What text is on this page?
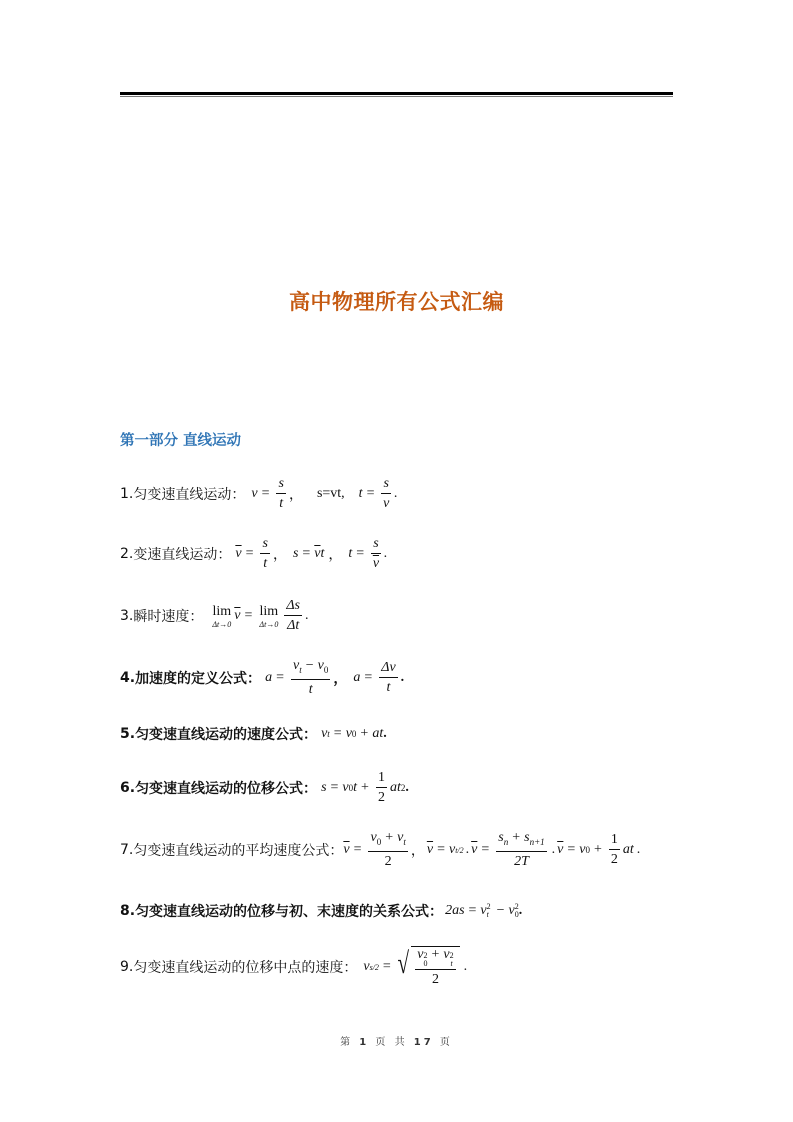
高中物理所有公式汇编
第一部分 直线运动
1. 匀变速直线运动： $v = \frac{s}{t}$ ， s=vt, $t = \frac{s}{v}$ .
2. 变速直线运动： $\overline{v} = \frac{s}{t}$ ， $s = \overline{v}$ t ， $t = \frac{s}{v}$ .
3. 瞬时速度： lim
Δt→0
$\overline{v} = \lim$
$\Delta t\to 0 \frac{\Delta s}{\Delta t}$ .
4. 加速度的定义公式： $a = \frac{v_t - v_0}{t}$ ， $a = \frac{\Delta v}{t}$ .
5. 匀变速直线运动的速度公式： v t = v 0 + at .
6. 匀变速直线运动的位移公式： s = v 0 $t + \frac{1}{2}$ at 2 .
7. 匀变速直线运动的平均速度公式： $\overline{v} = \frac{v_0 + v_t}{2}$ ， $\overline{v} = v$ t/2 . $\overline{v} = \frac{s_n + s_{n+1}}{2T}$ . $\overline{v} = v$ $0 + \frac{1}{2}$ at .
8. 匀变速直线运动的位移与初、末速度的关系公式： 2as = v 2
t − v 2
0 .
9. 匀变速直线运动的位移中点的速度： v s/2 = √ v 2
0
+ v 2
t
2 .
第 1 页 共 17 页
